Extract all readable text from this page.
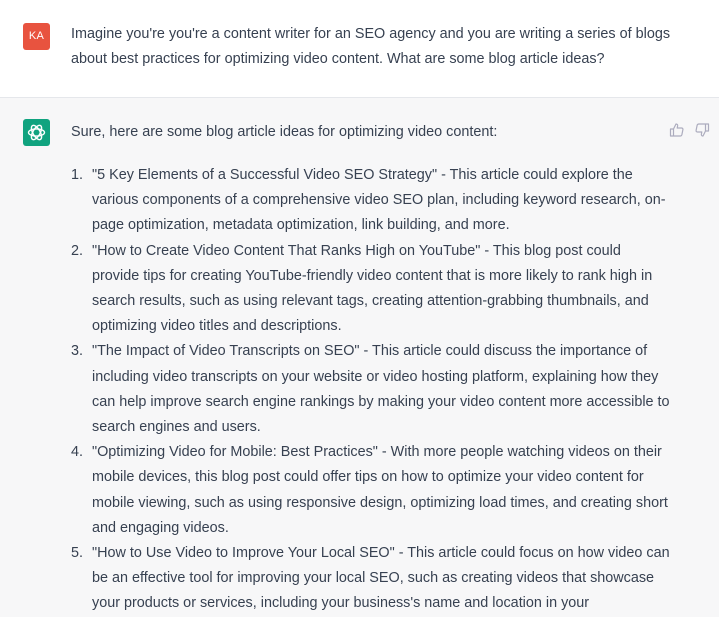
KA	Imagine you're you're a content writer for an SEO agency and you are writing a series of blogs about best practices for optimizing video content. What are some blog article ideas?

Sure, here are some blog article ideas for optimizing video content:

1. "5 Key Elements of a Successful Video SEO Strategy" - This article could explore the various components of a comprehensive video SEO plan, including keyword research, on-page optimization, metadata optimization, link building, and more.
2. "How to Create Video Content That Ranks High on YouTube" - This blog post could provide tips for creating YouTube-friendly video content that is more likely to rank high in search results, such as using relevant tags, creating attention-grabbing thumbnails, and optimizing video titles and descriptions.
3. "The Impact of Video Transcripts on SEO" - This article could discuss the importance of including video transcripts on your website or video hosting platform, explaining how they can help improve search engine rankings by making your video content more accessible to search engines and users.
4. "Optimizing Video for Mobile: Best Practices" - With more people watching videos on their mobile devices, this blog post could offer tips on how to optimize your video content for mobile viewing, such as using responsive design, optimizing load times, and creating short and engaging videos.
5. "How to Use Video to Improve Your Local SEO" - This article could focus on how video can be an effective tool for improving your local SEO, such as creating videos that showcase your products or services, including your business's name and location in your
